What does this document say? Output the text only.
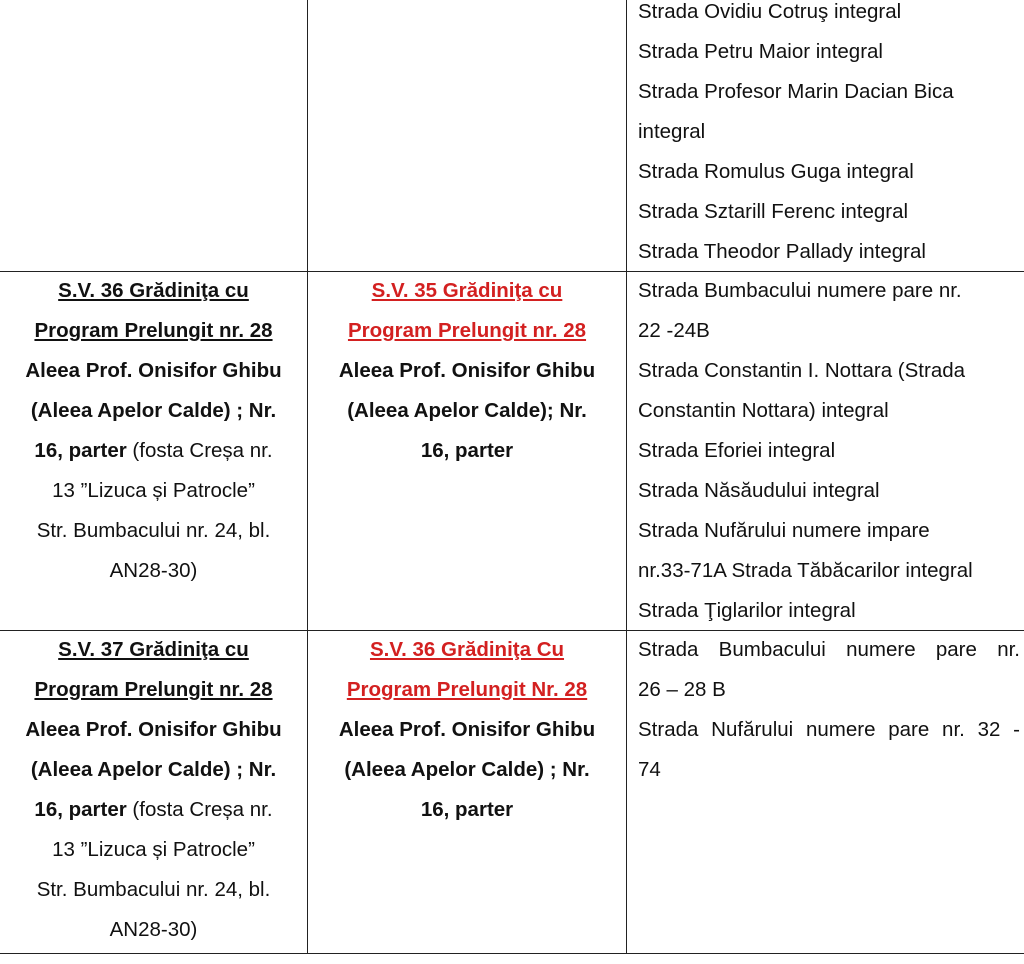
Strada Ovidiu Cotruş integral
Strada Petru Maior integral
Strada Profesor Marin Dacian Bica
integral
Strada Romulus Guga integral
Strada Sztarill Ferenc integral
Strada Theodor Pallady integral
S.V. 36 Grădiniţa cu
Program Prelungit nr. 28
Aleea Prof. Onisifor Ghibu
(Aleea Apelor Calde) ; Nr.
16, parter (fosta Creșa nr.
13 ”Lizuca și Patrocle”
Str. Bumbacului nr. 24, bl.
AN28-30)
S.V. 35 Grădiniţa cu
Program Prelungit nr. 28
Aleea Prof. Onisifor Ghibu
(Aleea Apelor Calde); Nr.
16, parter
Strada Bumbacului numere pare nr.
22 -24B
Strada Constantin I. Nottara (Strada
Constantin Nottara) integral
Strada Eforiei integral
Strada Năsăudului integral
Strada Nufărului numere impare
nr.33-71A Strada Tăbăcarilor integral
Strada Ţiglarilor integral
S.V. 37 Grădiniţa cu
Program Prelungit nr. 28
Aleea Prof. Onisifor Ghibu
(Aleea Apelor Calde) ; Nr.
16, parter (fosta Creșa nr.
13 ”Lizuca și Patrocle”
Str. Bumbacului nr. 24, bl.
AN28-30)
S.V. 36 Grădiniţa Cu
Program Prelungit Nr. 28
Aleea Prof. Onisifor Ghibu
(Aleea Apelor Calde) ; Nr.
16, parter
Strada Bumbacului numere pare nr.
26 – 28 B
Strada Nufărului numere pare nr. 32 -
74
